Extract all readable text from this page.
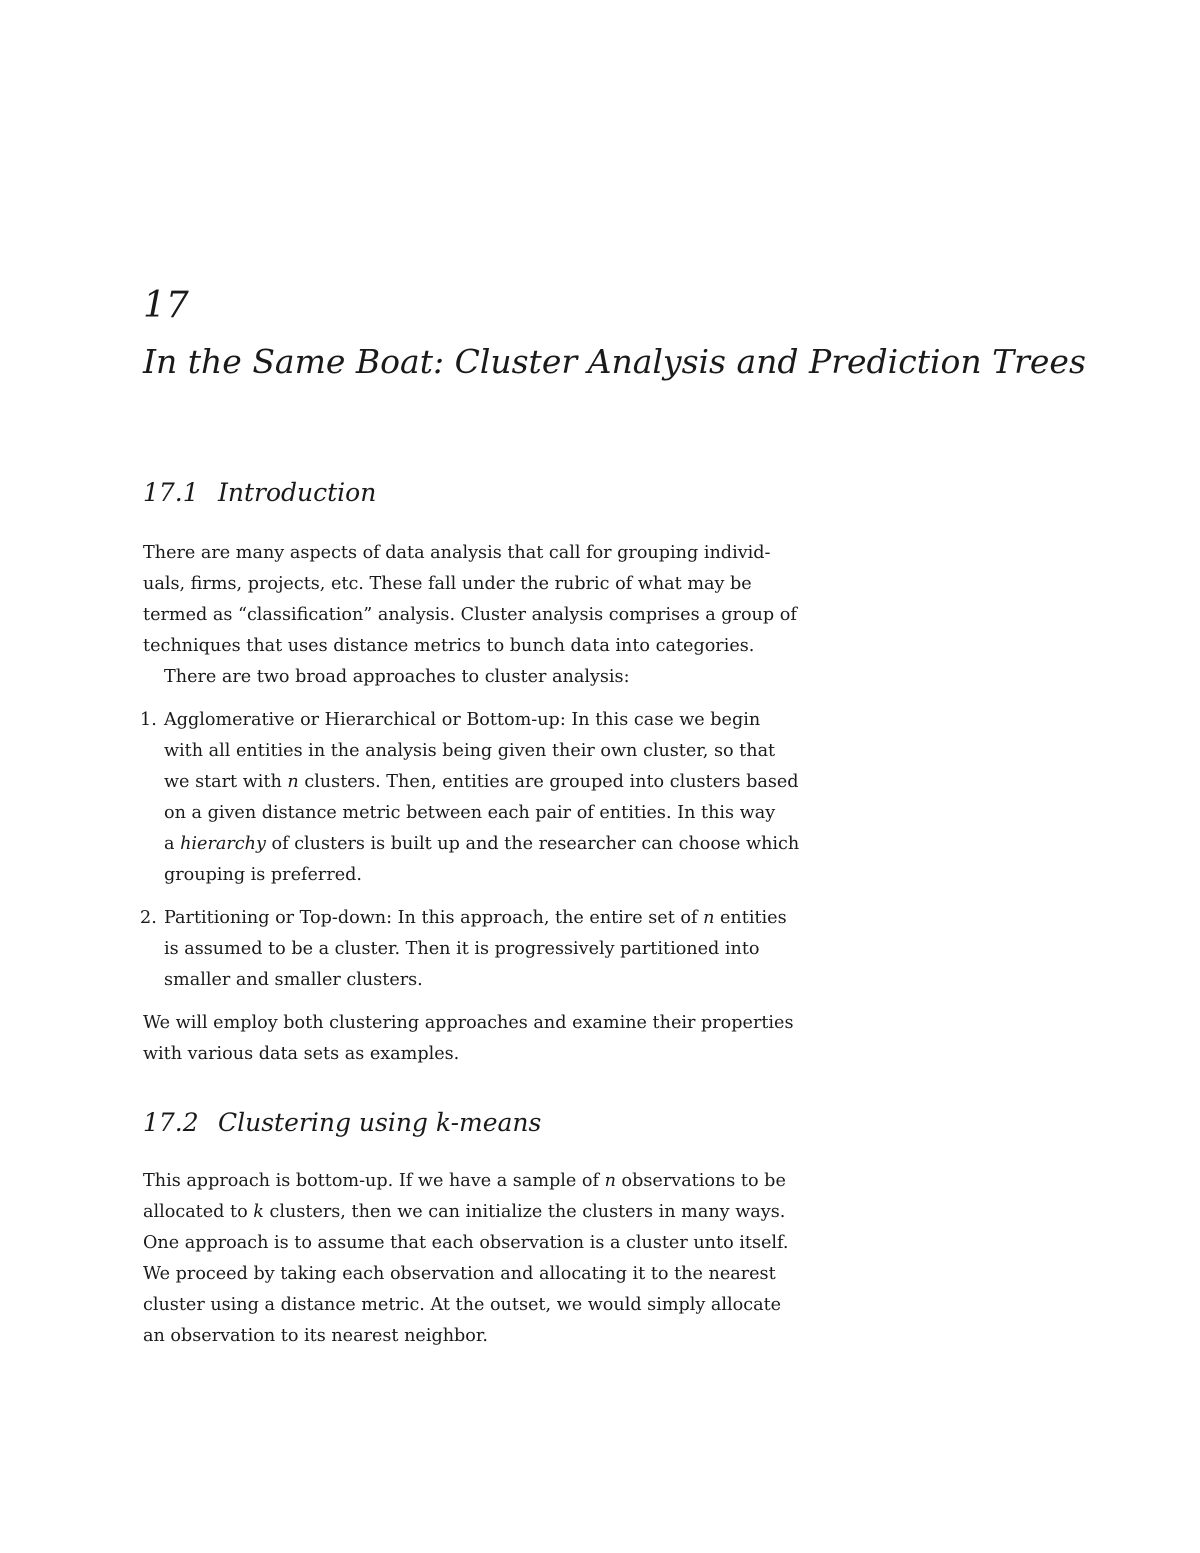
17
In the Same Boat: Cluster Analysis and Prediction Trees
17.1 Introduction

There are many aspects of data analysis that call for grouping individ-
uals, firms, projects, etc. These fall under the rubric of what may be
termed as “classification” analysis. Cluster analysis comprises a group of
techniques that uses distance metrics to bunch data into categories.

There are two broad approaches to cluster analysis:

1. Agglomerative or Hierarchical or Bottom-up: In this case we begin
with all entities in the analysis being given their own cluster, so that
we start with n clusters. Then, entities are grouped into clusters based
on a given distance metric between each pair of entities. In this way
a hierarchy of clusters is built up and the researcher can choose which
grouping is preferred.
2. Partitioning or Top-down: In this approach, the entire set of n entities
is assumed to be a cluster. Then it is progressively partitioned into
smaller and smaller clusters.

We will employ both clustering approaches and examine their properties
with various data sets as examples.

17.2 Clustering using k-means

This approach is bottom-up. If we have a sample of n observations to be
allocated to k clusters, then we can initialize the clusters in many ways.
One approach is to assume that each observation is a cluster unto itself.
We proceed by taking each observation and allocating it to the nearest
cluster using a distance metric. At the outset, we would simply allocate
an observation to its nearest neighbor.
